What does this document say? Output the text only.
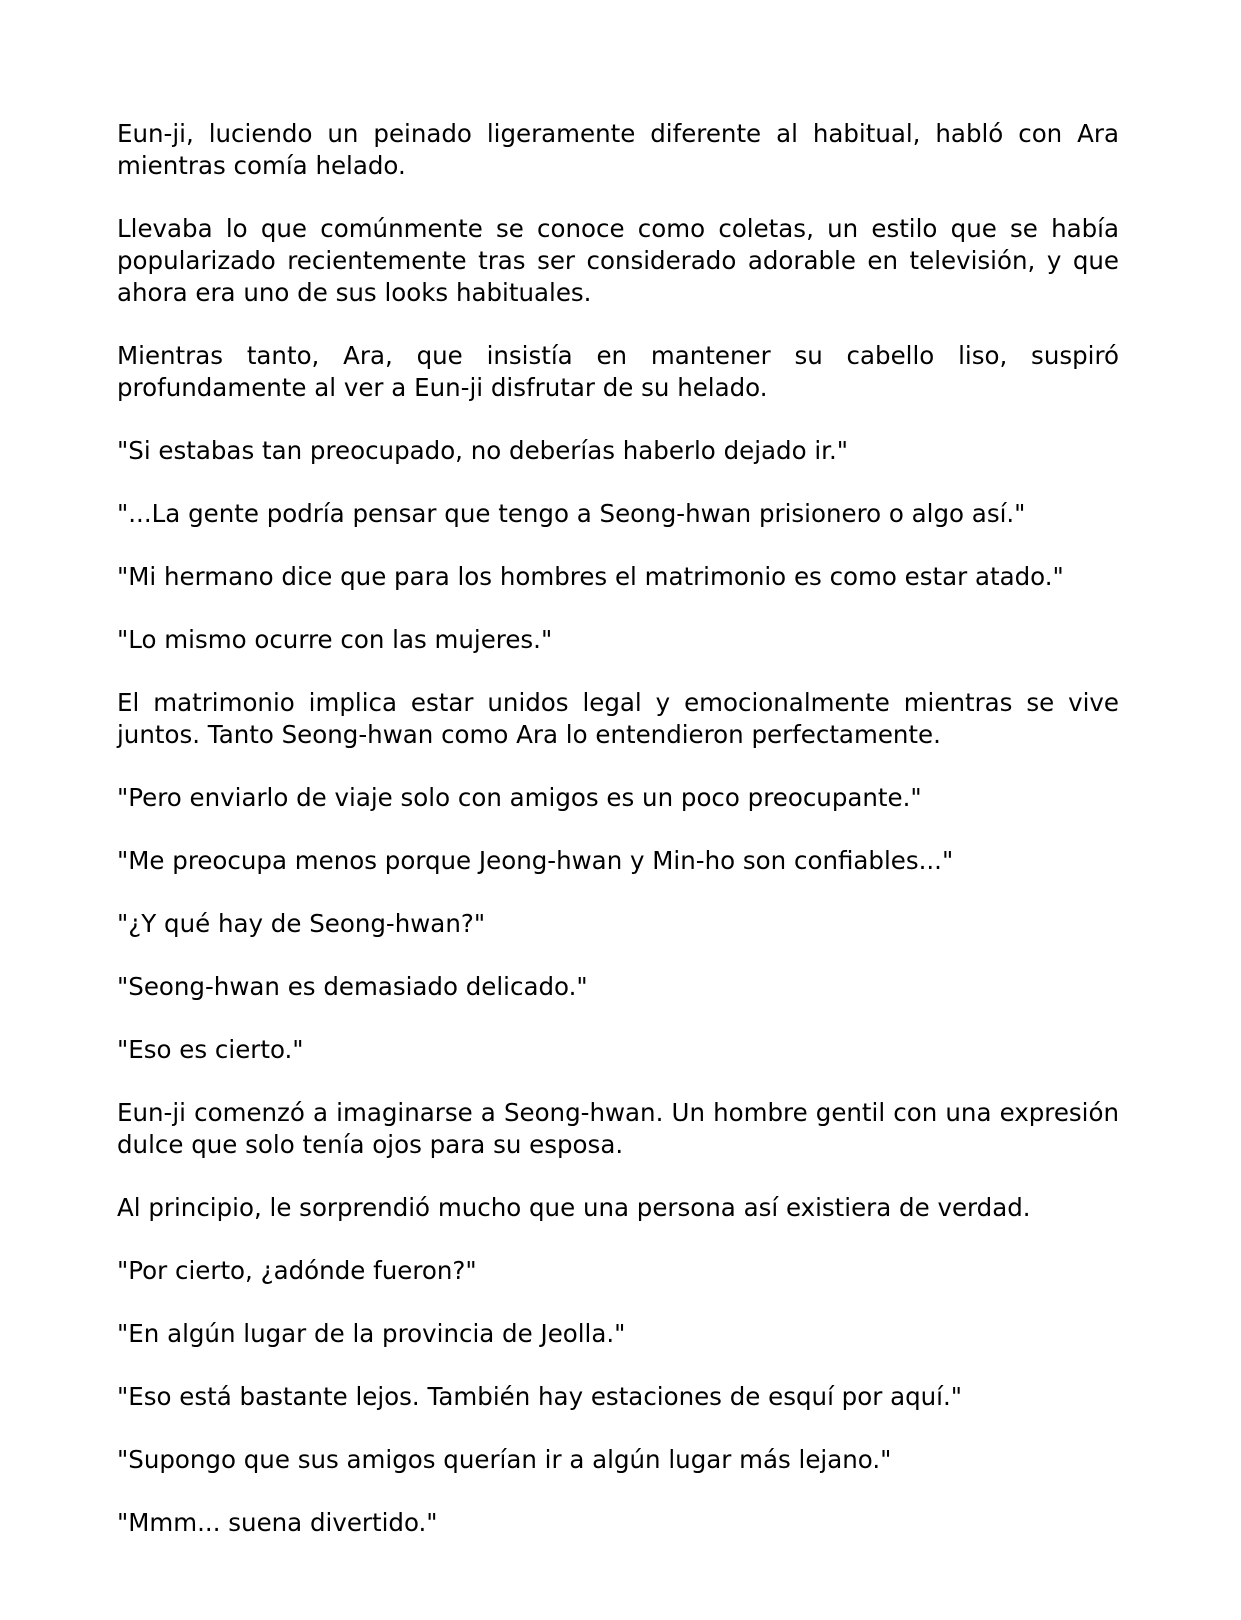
Eun-ji, luciendo un peinado ligeramente diferente al habitual, habló con Ara mientras comía helado.

Llevaba lo que comúnmente se conoce como coletas, un estilo que se había popularizado recientemente tras ser considerado adorable en televisión, y que ahora era uno de sus looks habituales.

Mientras tanto, Ara, que insistía en mantener su cabello liso, suspiró profundamente al ver a Eun-ji disfrutar de su helado.

"Si estabas tan preocupado, no deberías haberlo dejado ir."

"...La gente podría pensar que tengo a Seong-hwan prisionero o algo así."

"Mi hermano dice que para los hombres el matrimonio es como estar atado."

"Lo mismo ocurre con las mujeres."

El matrimonio implica estar unidos legal y emocionalmente mientras se vive juntos. Tanto Seong-hwan como Ara lo entendieron perfectamente.

"Pero enviarlo de viaje solo con amigos es un poco preocupante."

"Me preocupa menos porque Jeong-hwan y Min-ho son confiables..."

"¿Y qué hay de Seong-hwan?"

"Seong-hwan es demasiado delicado."

"Eso es cierto."

Eun-ji comenzó a imaginarse a Seong-hwan. Un hombre gentil con una expresión dulce que solo tenía ojos para su esposa.

Al principio, le sorprendió mucho que una persona así existiera de verdad.

"Por cierto, ¿adónde fueron?"

"En algún lugar de la provincia de Jeolla."

"Eso está bastante lejos. También hay estaciones de esquí por aquí."

"Supongo que sus amigos querían ir a algún lugar más lejano."

"Mmm... suena divertido."
